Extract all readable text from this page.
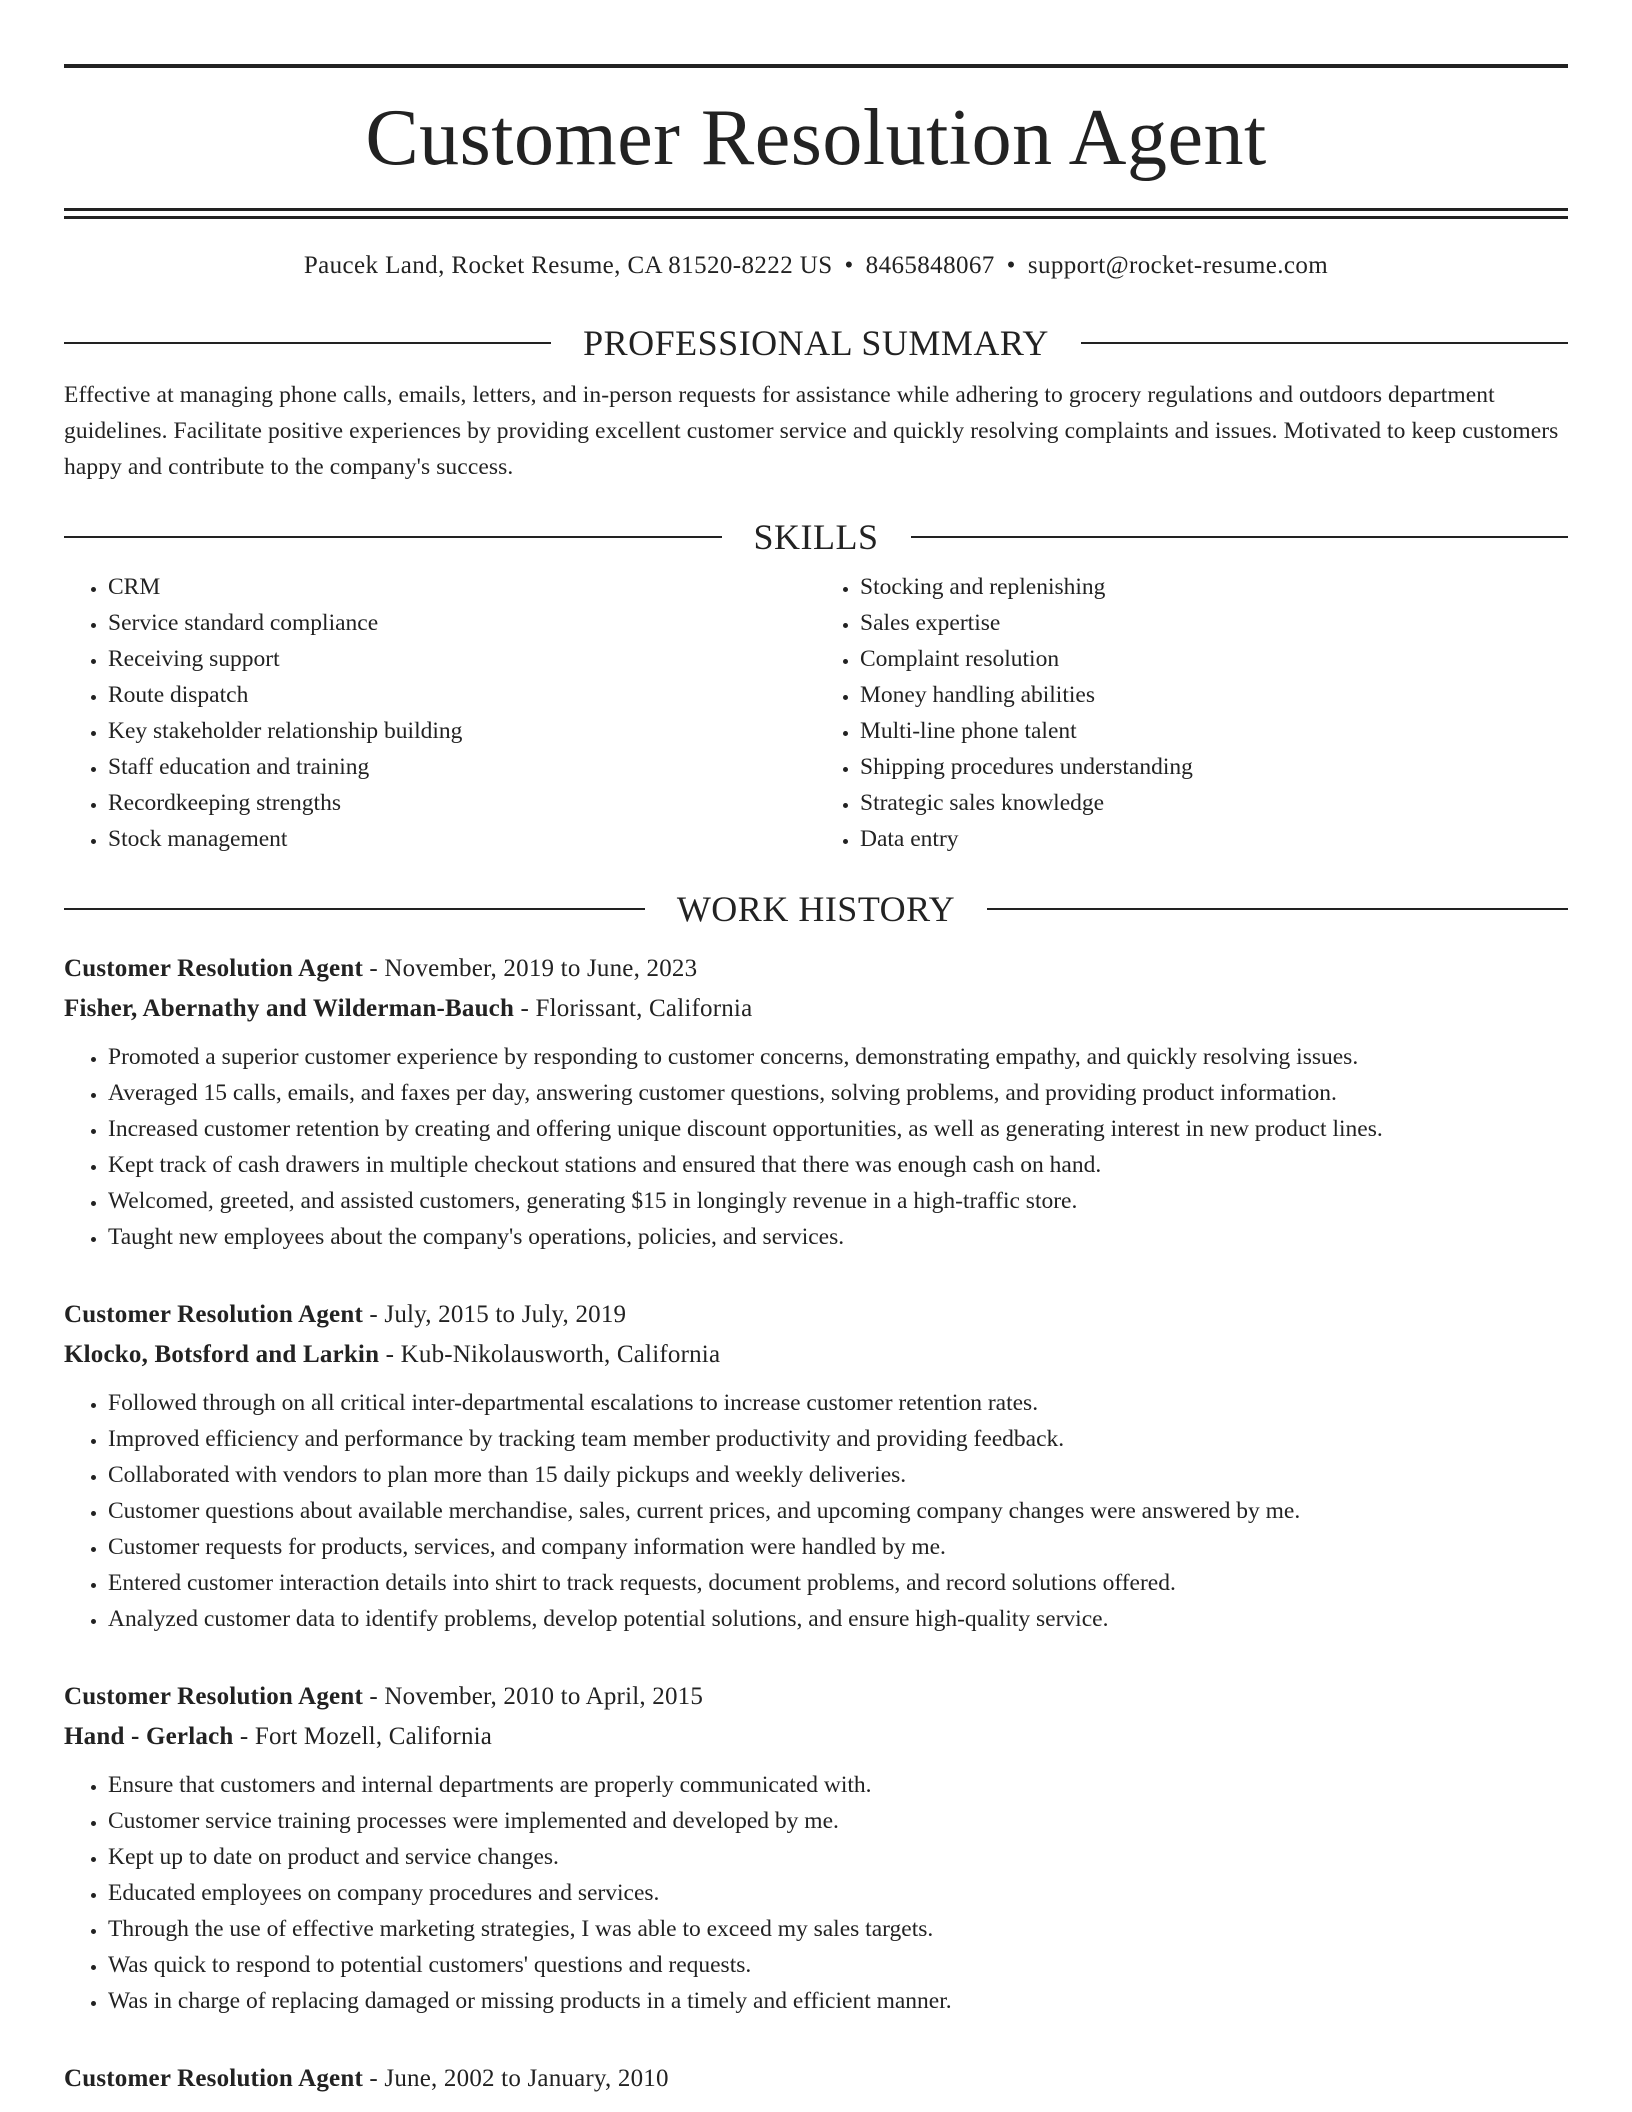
Customer Resolution Agent
Paucek Land, Rocket Resume, CA 81520-8222 US • 8465848067 • support@rocket-resume.com
PROFESSIONAL SUMMARY
Effective at managing phone calls, emails, letters, and in-person requests for assistance while adhering to grocery regulations and outdoors department guidelines. Facilitate positive experiences by providing excellent customer service and quickly resolving complaints and issues. Motivated to keep customers happy and contribute to the company's success.
SKILLS
• CRM
• Service standard compliance
• Receiving support
• Route dispatch
• Key stakeholder relationship building
• Staff education and training
• Recordkeeping strengths
• Stock management
• Stocking and replenishing
• Sales expertise
• Complaint resolution
• Money handling abilities
• Multi-line phone talent
• Shipping procedures understanding
• Strategic sales knowledge
• Data entry
WORK HISTORY
Customer Resolution Agent - November, 2019 to June, 2023
Fisher, Abernathy and Wilderman-Bauch - Florissant, California
• Promoted a superior customer experience by responding to customer concerns, demonstrating empathy, and quickly resolving issues.
• Averaged 15 calls, emails, and faxes per day, answering customer questions, solving problems, and providing product information.
• Increased customer retention by creating and offering unique discount opportunities, as well as generating interest in new product lines.
• Kept track of cash drawers in multiple checkout stations and ensured that there was enough cash on hand.
• Welcomed, greeted, and assisted customers, generating $15 in longingly revenue in a high-traffic store.
• Taught new employees about the company's operations, policies, and services.
Customer Resolution Agent - July, 2015 to July, 2019
Klocko, Botsford and Larkin - Kub-Nikolausworth, California
• Followed through on all critical inter-departmental escalations to increase customer retention rates.
• Improved efficiency and performance by tracking team member productivity and providing feedback.
• Collaborated with vendors to plan more than 15 daily pickups and weekly deliveries.
• Customer questions about available merchandise, sales, current prices, and upcoming company changes were answered by me.
• Customer requests for products, services, and company information were handled by me.
• Entered customer interaction details into shirt to track requests, document problems, and record solutions offered.
• Analyzed customer data to identify problems, develop potential solutions, and ensure high-quality service.
Customer Resolution Agent - November, 2010 to April, 2015
Hand - Gerlach - Fort Mozell, California
• Ensure that customers and internal departments are properly communicated with.
• Customer service training processes were implemented and developed by me.
• Kept up to date on product and service changes.
• Educated employees on company procedures and services.
• Through the use of effective marketing strategies, I was able to exceed my sales targets.
• Was quick to respond to potential customers' questions and requests.
• Was in charge of replacing damaged or missing products in a timely and efficient manner.
Customer Resolution Agent - June, 2002 to January, 2010
